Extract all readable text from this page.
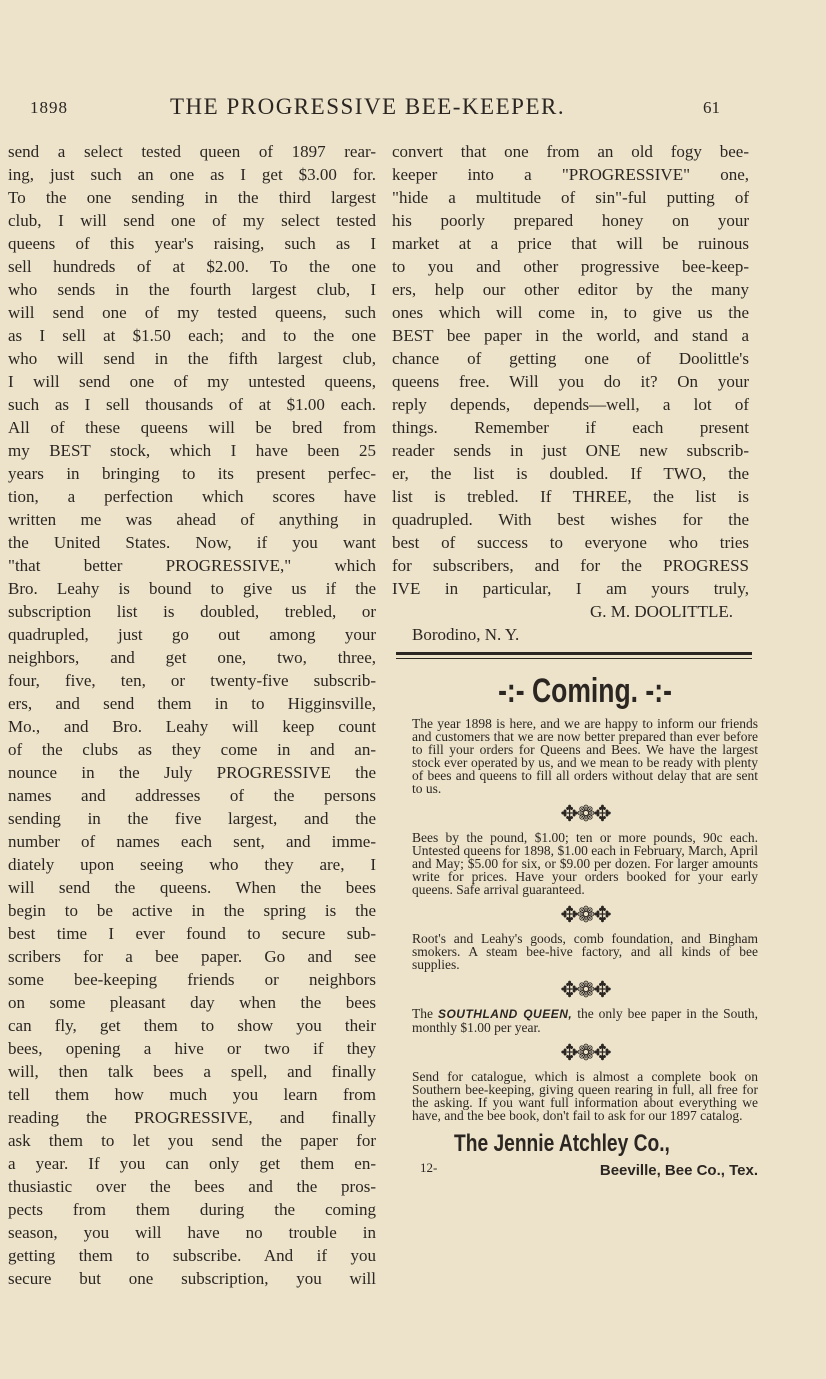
1898	THE PROGRESSIVE BEE-KEEPER.	61

send a select tested queen of 1897 rear-

ing, just such an one as I get $3.00 for.

To the one sending in the third largest

club, I will send one of my select tested

queens of this year's raising, such as I

sell hundreds of at $2.00. To the one

who sends in the fourth largest club, I

will send one of my tested queens, such

as I sell at $1.50 each; and to the one

who will send in the fifth largest club,

I will send one of my untested queens,

such as I sell thousands of at $1.00 each.

All of these queens will be bred from

my BEST stock, which I have been 25

years in bringing to its present perfec-

tion, a perfection which scores have

written me was ahead of anything in

the United States. Now, if you want

"that better PROGRESSIVE," which

Bro. Leahy is bound to give us if the

subscription list is doubled, trebled, or

quadrupled, just go out among your

neighbors, and get one, two, three,

four, five, ten, or twenty-five subscrib-

ers, and send them in to Higginsville,

Mo., and Bro. Leahy will keep count

of the clubs as they come in and an-

nounce in the July PROGRESSIVE the

names and addresses of the persons

sending in the five largest, and the

number of names each sent, and imme-

diately upon seeing who they are, I

will send the queens. When the bees

begin to be active in the spring is the

best time I ever found to secure sub-

scribers for a bee paper. Go and see

some bee-keeping friends or neighbors

on some pleasant day when the bees

can fly, get them to show you their

bees, opening a hive or two if they

will, then talk bees a spell, and finally

tell them how much you learn from

reading the PROGRESSIVE, and finally

ask them to let you send the paper for

a year. If you can only get them en-

thusiastic over the bees and the pros-

pects from them during the coming

season, you will have no trouble in

getting them to subscribe. And if you

secure but one subscription, you will

convert that one from an old fogy bee-

keeper into a "PROGRESSIVE" one,

"hide a multitude of sin"-ful putting of

his poorly prepared honey on your

market at a price that will be ruinous

to you and other progressive bee-keep-

ers, help our other editor by the many

ones which will come in, to give us the

BEST bee paper in the world, and stand a

chance of getting one of Doolittle's

queens free. Will you do it? On your

reply depends, depends—well, a lot of

things. Remember if each present

reader sends in just ONE new subscrib-

er, the list is doubled. If TWO, the

list is trebled. If THREE, the list is

quadrupled. With best wishes for the

best of success to everyone who tries

for subscribers, and for the PROGRESS

IVE in particular, I am yours truly,

G. M. DOOLITTLE.
Borodino, N. Y.
-:- Coming. -:-

The year 1898 is here, and we are happy to inform our friends and customers that we are now better prepared than ever before to fill your orders for Queens and Bees. We have the largest stock ever operated by us, and we mean to be ready with plenty of bees and queens to fill all orders without delay that are sent to us.

✥❁✥

Bees by the pound, $1.00; ten or more pounds, 90c each. Untested queens for 1898, $1.00 each in February, March, April and May; $5.00 for six, or $9.00 per dozen. For larger amounts write for prices. Have your orders booked for your early queens. Safe arrival guaranteed.

✥❁✥

Root's and Leahy's goods, comb foundation, and Bingham smokers. A steam bee-hive factory, and all kinds of bee supplies.

✥❁✥

The SOUTHLAND QUEEN, the only bee paper in the South, monthly $1.00 per year.

✥❁✥

Send for catalogue, which is almost a complete book on Southern bee-keeping, giving queen rearing in full, all free for the asking. If you want full information about everything we have, and the bee book, don't fail to ask for our 1897 catalog.

The Jennie Atchley Co.,
12-	Beeville, Bee Co., Tex.
